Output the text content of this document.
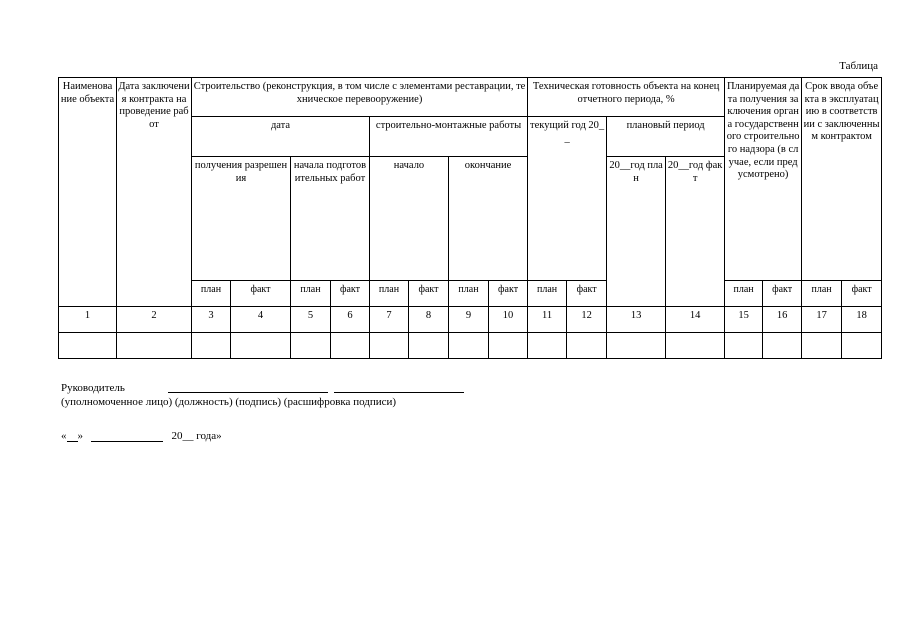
Таблица
Наименование объекта	Дата заключения контракта на проведение работ	Строительство (реконструкция, в том числе с элементами реставрации, техническое перевооружение)								Техническая готовность объекта на конец отчетного периода, %				Планируемая дата получения заключения органа государственного строительного надзора (в случае, если предусмотрено)		Срок ввода объекта в эксплуатацию в соответствии с заключенным контрактом	
		дата				строительно-монтажные работы				текущий год 20__		плановый период					
		получения разрешения		начала подготовительных работ		начало		окончание				20__год план	20__год факт				
		план	факт	план	факт	план	факт	план	факт	план	факт			план	факт	план	факт
1	2	3	4	5	6	7	8	9	10	11	12	13	14	15	16	17	18

Руководитель
(уполномоченное лицо) (должность) (подпись) (расшифровка подписи)
« »	20__ года»
